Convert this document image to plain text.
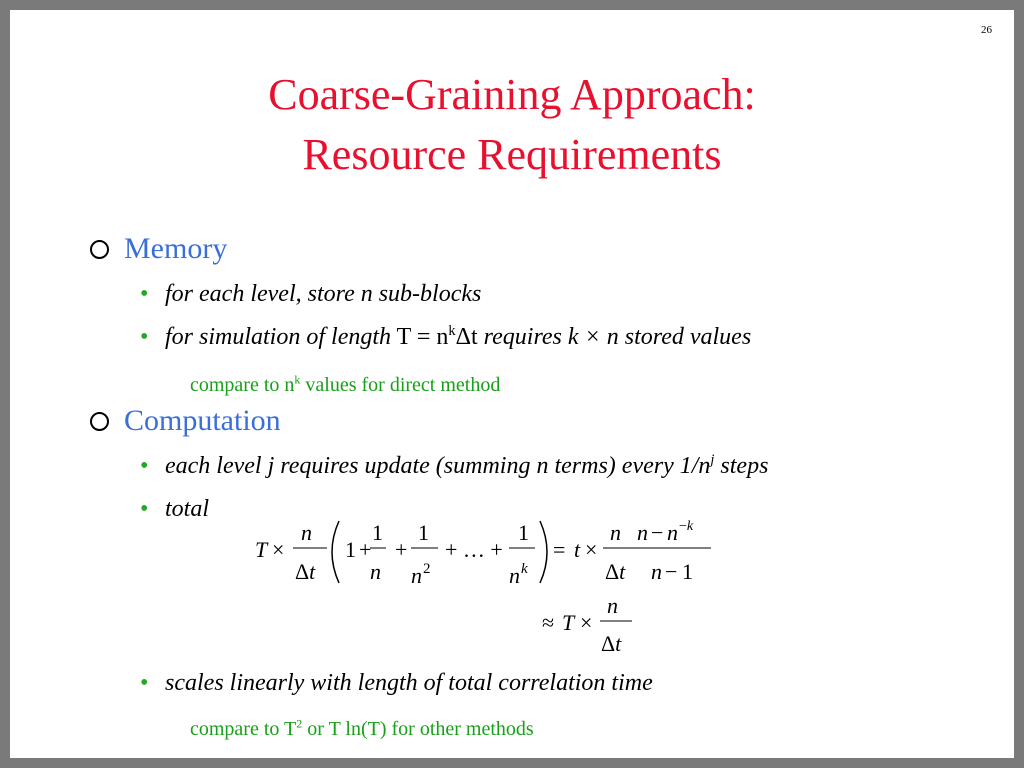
26
Coarse-Graining Approach:
Resource Requirements
Memory
• for each level, store n sub-blocks
• for simulation of length $T = n^k\Delta t$ requires k × n stored values
compare to $n^k$ values for direct method
Computation
• each level j requires update (summing n terms) every $1/n^j$ steps
• total
T ×
n
Δt
1 +
1
n
+
1
n 2
+ … +
1
n k
= t ×
n
Δt
n − n −k
n − 1
≈ T ×
n
Δt
• scales linearly with length of total correlation time
compare to $T^2$ or T ln(T) for other methods
